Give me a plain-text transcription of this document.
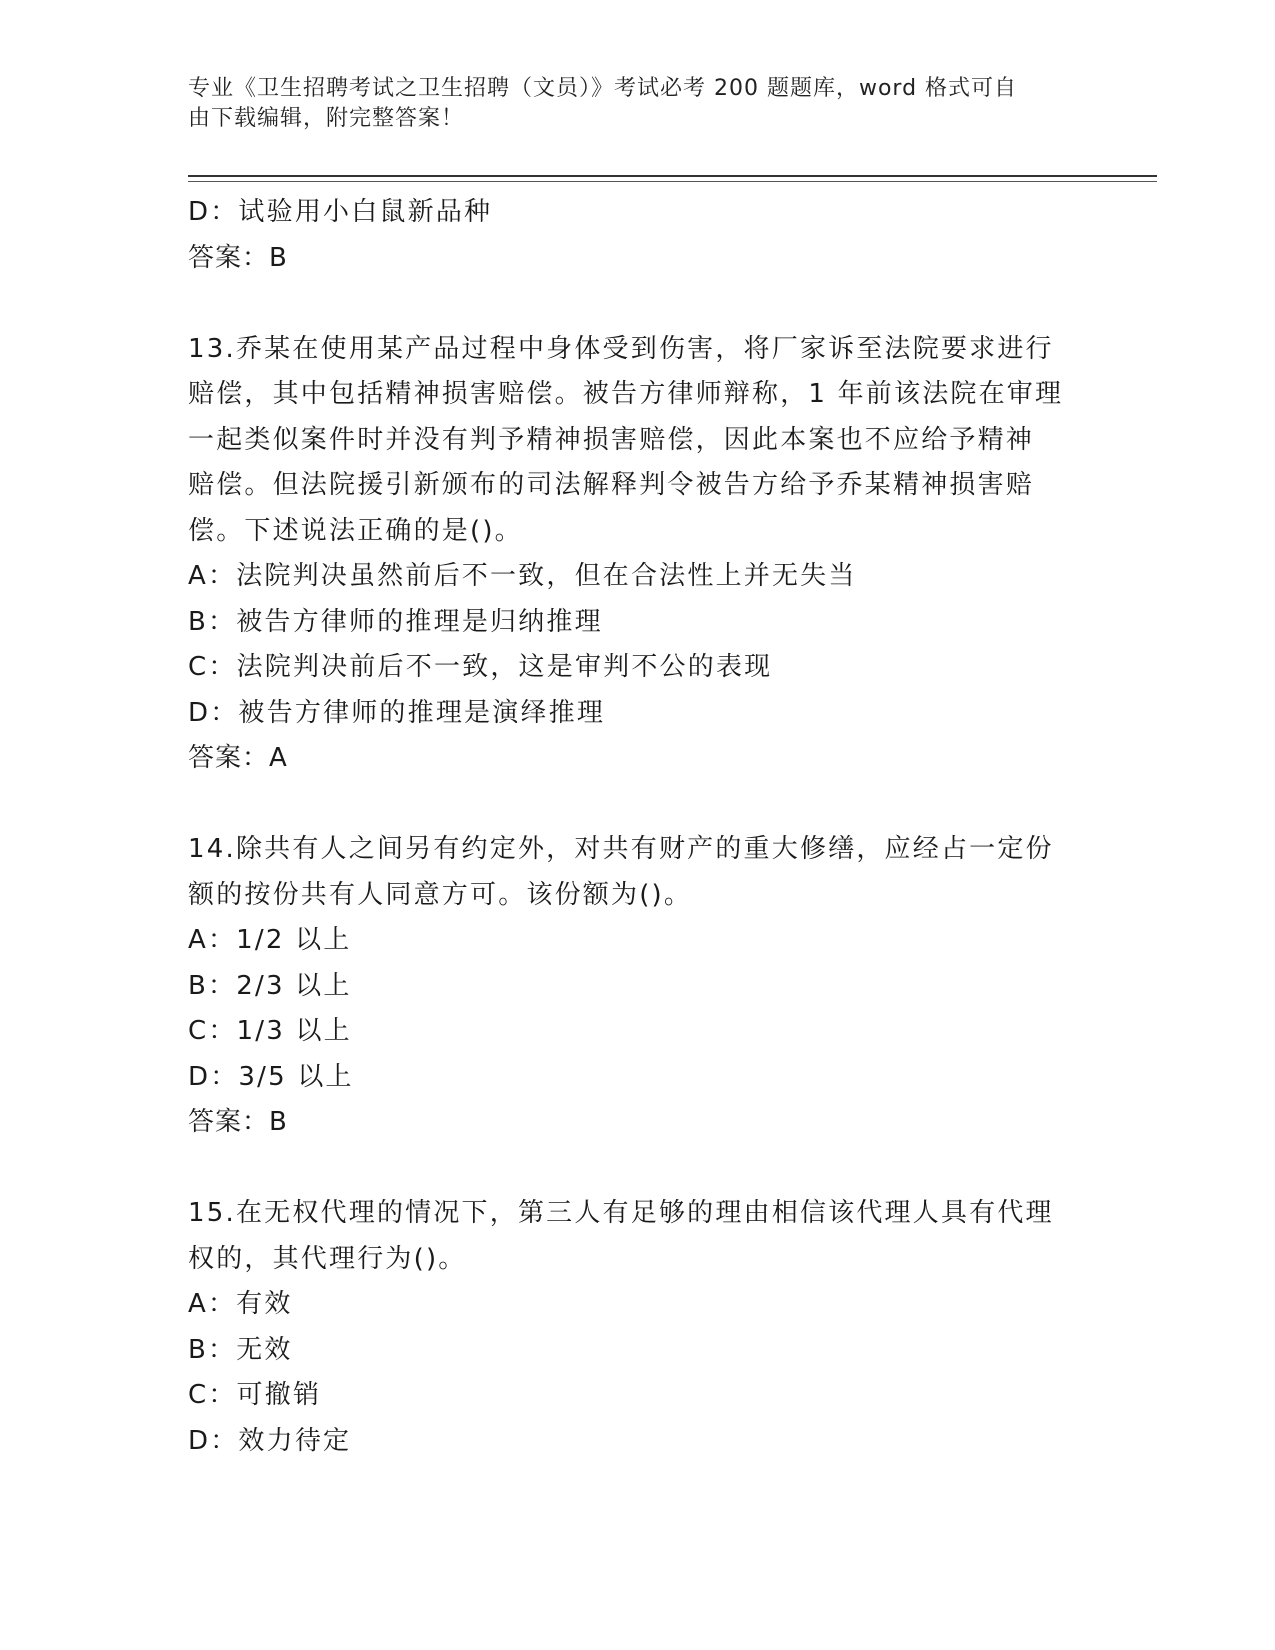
专业《卫生招聘考试之卫生招聘（文员）》考试必考 200 题题库，word 格式可自
由下载编辑，附完整答案！
D：试验用小白鼠新品种
答案：B
13.乔某在使用某产品过程中身体受到伤害，将厂家诉至法院要求进行
赔偿，其中包括精神损害赔偿。被告方律师辩称，1 年前该法院在审理
一起类似案件时并没有判予精神损害赔偿，因此本案也不应给予精神
赔偿。但法院援引新颁布的司法解释判令被告方给予乔某精神损害赔
偿。下述说法正确的是()。
A：法院判决虽然前后不一致，但在合法性上并无失当
B：被告方律师的推理是归纳推理
C：法院判决前后不一致，这是审判不公的表现
D：被告方律师的推理是演绎推理
答案：A
14.除共有人之间另有约定外，对共有财产的重大修缮，应经占一定份
额的按份共有人同意方可。该份额为()。
A：1/2 以上
B：2/3 以上
C：1/3 以上
D：3/5 以上
答案：B
15.在无权代理的情况下，第三人有足够的理由相信该代理人具有代理
权的，其代理行为()。
A：有效
B：无效
C：可撤销
D：效力待定
